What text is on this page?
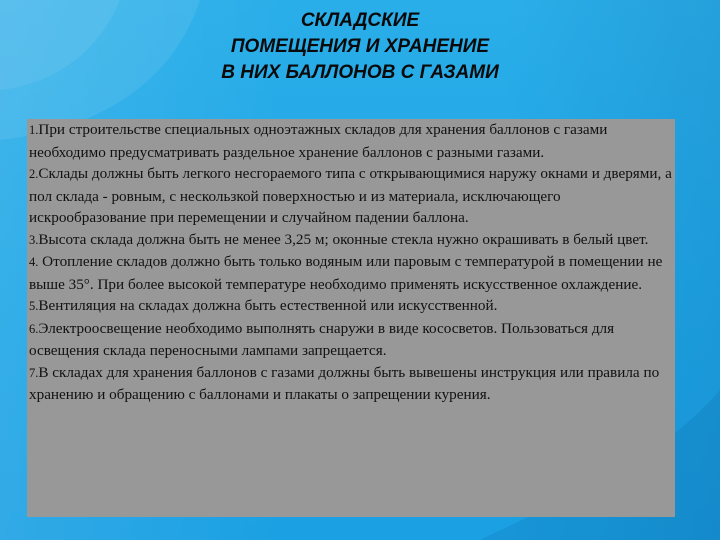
СКЛАДСКИЕ
ПОМЕЩЕНИЯ И ХРАНЕНИЕ
В НИХ БАЛЛОНОВ С ГАЗАМИ

1.При строительстве специальных одноэтажных складов для хранения баллонов с газами необходимо предусматривать раздельное хранение баллонов с разными газами.

2.Склады должны быть легкого несгораемого типа с открывающимися наружу окнами и дверями, а пол склада - ровным, с нескользкой поверхностью и из материала, исключающего искрообразование при перемещении и случайном падении баллона.

3.Высота склада должна быть не менее 3,25 м; оконные стекла нужно окрашивать в белый цвет.

4. Отопление складов должно быть только водяным или паровым с температурой в помещении не выше 35°. При более высокой температуре необходимо применять искусственное охлаждение.

5.Вентиляция на складах должна быть естественной или искусственной.

6.Электроосвещение необходимо выполнять снаружи в виде кососветов. Пользоваться для освещения склада переносными лампами запрещается.

7.В складах для хранения баллонов с газами должны быть вывешены инструкция или правила по хранению и обращению с баллонами и плакаты о запрещении курения.
